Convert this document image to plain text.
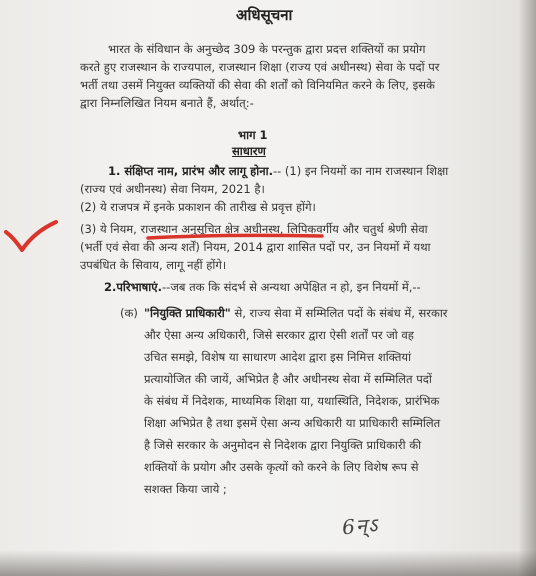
अधिसूचना
भारत के संविधान के अनुच्छेद 309 के परन्तुक द्वारा प्रदत्त शक्तियों का प्रयोग
करते हुए राजस्थान के राज्यपाल, राजस्थान शिक्षा (राज्य एवं अधीनस्थ) सेवा के पदों पर
भर्ती तथा उसमें नियुक्त व्यक्तियों की सेवा की शर्तों को विनियमित करने के लिए, इसके
द्वारा निम्नलिखित नियम बनाते हैं, अर्थात्:-
भाग 1
साधारण
1. संक्षिप्त नाम, प्रारंभ और लागू होना.-- (1) इन नियमों का नाम राजस्थान शिक्षा
(राज्य एवं अधीनस्थ) सेवा नियम, 2021 है।
(2) ये राजपत्र में इनके प्रकाशन की तारीख से प्रवृत्त होंगे।
(3) ये नियम, राजस्थान अनुसूचित क्षेत्र अधीनस्थ, लिपिकवर्गीय और चतुर्थ श्रेणी सेवा
(भर्ती एवं सेवा की अन्य शर्तें) नियम, 2014 द्वारा शासित पदों पर, उन नियमों में यथा
उपबंधित के सिवाय, लागू नहीं होंगे।
2.परिभाषाएं.--जब तक कि संदर्भ से अन्यथा अपेक्षित न हो, इन नियमों में,--
(क) "नियुक्ति प्राधिकारी" से, राज्य सेवा में सम्मिलित पदों के संबंध में, सरकार
और ऐसा अन्य अधिकारी, जिसे सरकार द्वारा ऐसी शर्तों पर जो वह
उचित समझे, विशेष या साधारण आदेश द्वारा इस निमित्त शक्तियां
प्रत्यायोजित की जायें, अभिप्रेत है और अधीनस्थ सेवा में सम्मिलित पदों
के संबंध में निदेशक, माध्यमिक शिक्षा या, यथास्थिति, निदेशक, प्रारंभिक
शिक्षा अभिप्रेत है तथा इसमें ऐसा अन्य अधिकारी या प्राधिकारी सम्मिलित
है जिसे सरकार के अनुमोदन से निदेशक द्वारा नियुक्ति प्राधिकारी की
शक्तियों के प्रयोग और उसके कृत्यों को करने के लिए विशेष रूप से
सशक्त किया जाये ;
6न्ऽ
